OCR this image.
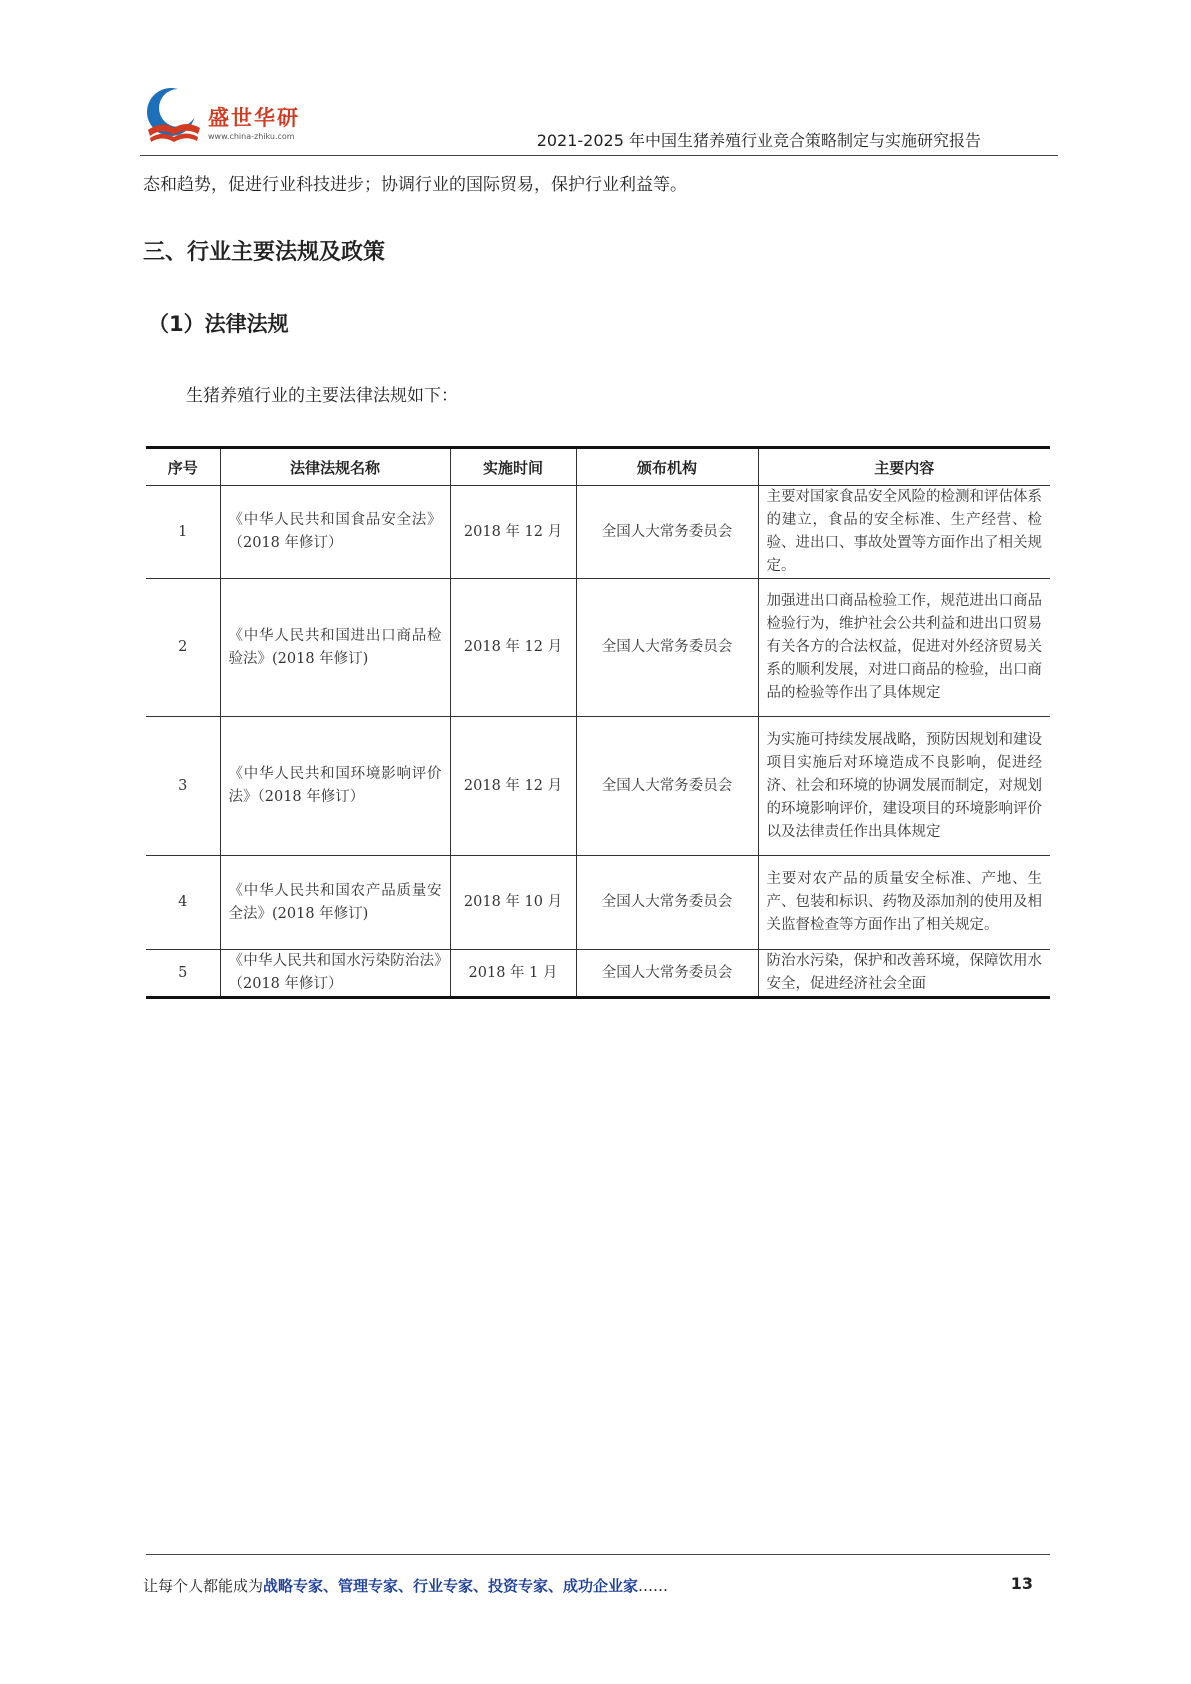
盛世华研
www.china-zhiku.com	2021-2025 年中国生猪养殖行业竞合策略制定与实施研究报告
态和趋势，促进行业科技进步；协调行业的国际贸易，保护行业利益等。
三、行业主要法规及政策
（1）法律法规
生猪养殖行业的主要法律法规如下：
序号	法律法规名称	实施时间	颁布机构	主要内容
1	《中华人民共和国食品安全法》（2018 年修订）	2018 年 12 月	全国人大常务委员会	主要对国家食品安全风险的检测和评估体系的建立，食品的安全标准、生产经营、检验、进出口、事故处置等方面作出了相关规定。
2	《中华人民共和国进出口商品检验法》(2018 年修订)	2018 年 12 月	全国人大常务委员会	加强进出口商品检验工作，规范进出口商品检验行为，维护社会公共利益和进出口贸易有关各方的合法权益，促进对外经济贸易关系的顺利发展，对进口商品的检验，出口商品的检验等作出了具体规定
3	《中华人民共和国环境影响评价法》（2018 年修订）	2018 年 12 月	全国人大常务委员会	为实施可持续发展战略，预防因规划和建设项目实施后对环境造成不良影响，促进经济、社会和环境的协调发展而制定，对规划的环境影响评价，建设项目的环境影响评价以及法律责任作出具体规定
4	《中华人民共和国农产品质量安全法》(2018 年修订)	2018 年 10 月	全国人大常务委员会	主要对农产品的质量安全标准、产地、生产、包装和标识、药物及添加剂的使用及相关监督检查等方面作出了相关规定。
5	《中华人民共和国水污染防治法》（2018 年修订）	2018 年 1 月	全国人大常务委员会	防治水污染，保护和改善环境，保障饮用水安全，促进经济社会全面
让每个人都能成为战略专家、管理专家、行业专家、投资专家、成功企业家……	13
